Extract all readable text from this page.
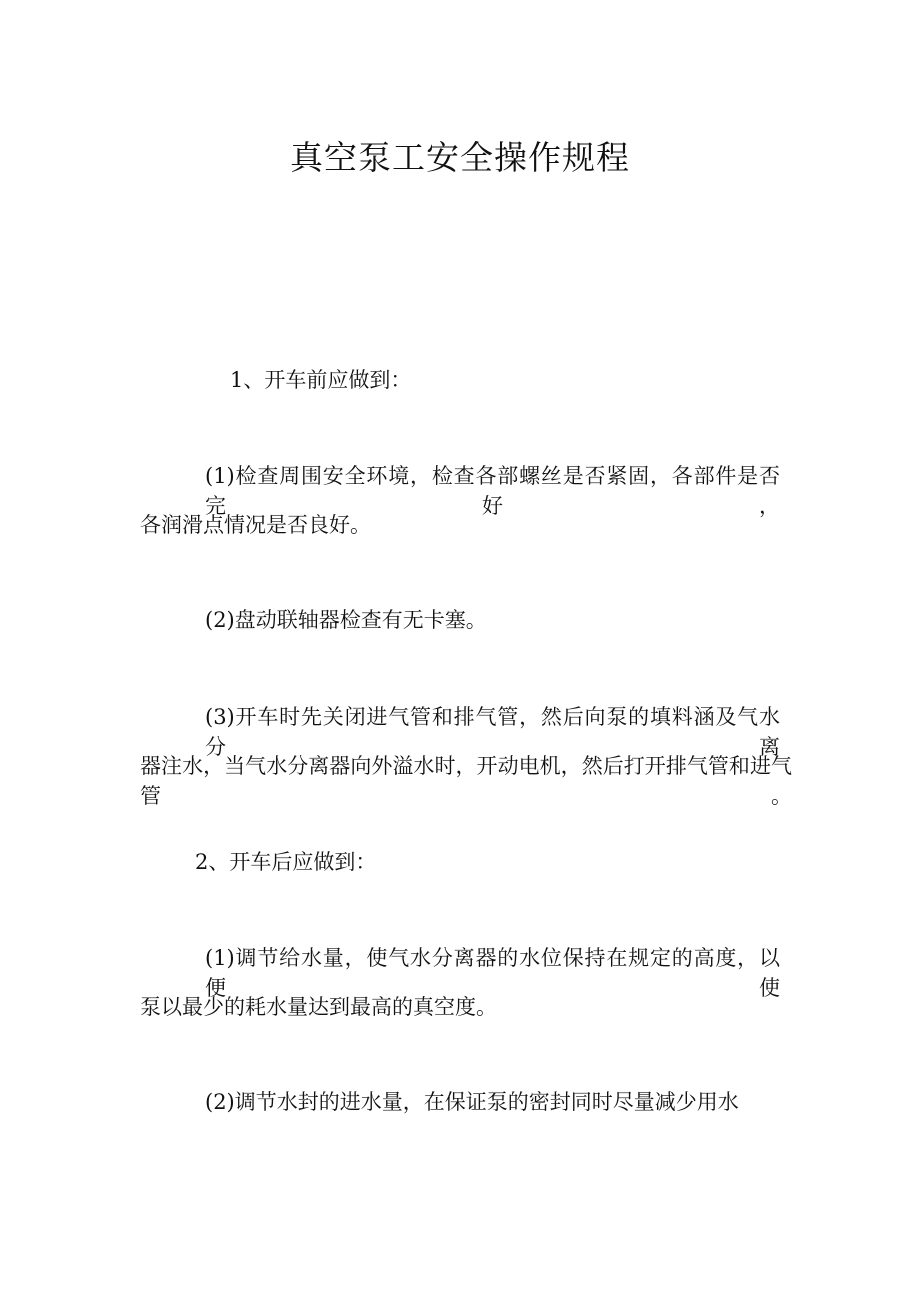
真空泵工安全操作规程

1、开车前应做到：

(1)检查周围安全环境，检查各部螺丝是否紧固，各部件是否完好，

各润滑点情况是否良好。

(2)盘动联轴器检查有无卡塞。

(3)开车时先关闭进气管和排气管，然后向泵的填料涵及气水分离

器注水，当气水分离器向外溢水时，开动电机，然后打开排气管和进气管。

2、开车后应做到：

(1)调节给水量，使气水分离器的水位保持在规定的高度，以便使

泵以最少的耗水量达到最高的真空度。

(2)调节水封的进水量，在保证泵的密封同时尽量减少用水
